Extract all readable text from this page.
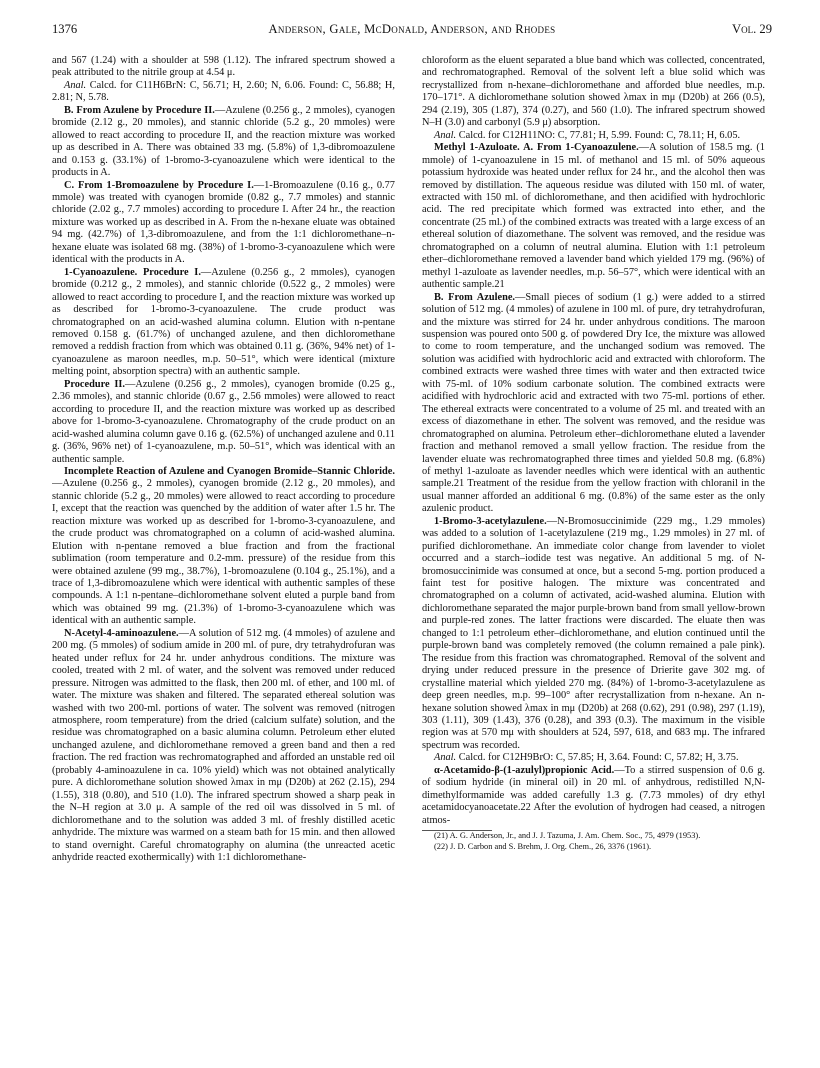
1376	Anderson, Gale, McDonald, Anderson, and Rhodes	Vol. 29

and 567 (1.24) with a shoulder at 598 (1.12). The infrared spectrum showed a peak attributed to the nitrile group at 4.54 μ.

Anal. Calcd. for C11H6BrN: C, 56.71; H, 2.60; N, 6.06. Found: C, 56.88; H, 2.81; N, 5.78.

B. From Azulene by Procedure II.—Azulene (0.256 g., 2 mmoles), cyanogen bromide (2.12 g., 20 mmoles), and stannic chloride (5.2 g., 20 mmoles) were allowed to react according to procedure II, and the reaction mixture was worked up as described in A. There was obtained 33 mg. (5.8%) of 1,3-dibromoazulene and 0.153 g. (33.1%) of 1-bromo-3-cyanoazulene which were identical to the products in A.

C. From 1-Bromoazulene by Procedure I.—1-Bromoazulene (0.16 g., 0.77 mmole) was treated with cyanogen bromide (0.82 g., 7.7 mmoles) and stannic chloride (2.02 g., 7.7 mmoles) according to procedure I. After 24 hr., the reaction mixture was worked up as described in A. From the n-hexane eluate was obtained 94 mg. (42.7%) of 1,3-dibromoazulene, and from the 1:1 dichloromethane–n-hexane eluate was isolated 68 mg. (38%) of 1-bromo-3-cyanoazulene which were identical with the products in A.

1-Cyanoazulene. Procedure I.—Azulene (0.256 g., 2 mmoles), cyanogen bromide (0.212 g., 2 mmoles), and stannic chloride (0.522 g., 2 mmoles) were allowed to react according to procedure I, and the reaction mixture was worked up as described for 1-bromo-3-cyanoazulene. The crude product was chromatographed on an acid-washed alumina column. Elution with n-pentane removed 0.158 g. (61.7%) of unchanged azulene, and then dichloromethane removed a reddish fraction from which was obtained 0.11 g. (36%, 94% net) of 1-cyanoazulene as maroon needles, m.p. 50–51°, which were identical (mixture melting point, absorption spectra) with an authentic sample.

Procedure II.—Azulene (0.256 g., 2 mmoles), cyanogen bromide (0.25 g., 2.36 mmoles), and stannic chloride (0.67 g., 2.56 mmoles) were allowed to react according to procedure II, and the reaction mixture was worked up as described above for 1-bromo-3-cyanoazulene. Chromatography of the crude product on an acid-washed alumina column gave 0.16 g. (62.5%) of unchanged azulene and 0.11 g. (36%, 96% net) of 1-cyanoazulene, m.p. 50–51°, which was identical with an authentic sample.

Incomplete Reaction of Azulene and Cyanogen Bromide–Stannic Chloride.—Azulene (0.256 g., 2 mmoles), cyanogen bromide (2.12 g., 20 mmoles), and stannic chloride (5.2 g., 20 mmoles) were allowed to react according to procedure I, except that the reaction was quenched by the addition of water after 1.5 hr. The reaction mixture was worked up as described for 1-bromo-3-cyanoazulene, and the crude product was chromatographed on a column of acid-washed alumina. Elution with n-pentane removed a blue fraction and from the fractional sublimation (room temperature and 0.2-mm. pressure) of the residue from this were obtained azulene (99 mg., 38.7%), 1-bromoazulene (0.104 g., 25.1%), and a trace of 1,3-dibromoazulene which were identical with authentic samples of these compounds. A 1:1 n-pentane–dichloromethane solvent eluted a purple band from which was obtained 99 mg. (21.3%) of 1-bromo-3-cyanoazulene which was identical with an authentic sample.

N-Acetyl-4-aminoazulene.—A solution of 512 mg. (4 mmoles) of azulene and 200 mg. (5 mmoles) of sodium amide in 200 ml. of pure, dry tetrahydrofuran was heated under reflux for 24 hr. under anhydrous conditions. The mixture was cooled, treated with 2 ml. of water, and the solvent was removed under reduced pressure. Nitrogen was admitted to the flask, then 200 ml. of ether, and 100 ml. of water. The mixture was shaken and filtered. The separated ethereal solution was washed with two 200-ml. portions of water. The solvent was removed (nitrogen atmosphere, room temperature) from the dried (calcium sulfate) solution, and the residue was chromatographed on a basic alumina column. Petroleum ether eluted unchanged azulene, and dichloromethane removed a green band and then a red fraction. The red fraction was rechromatographed and afforded an unstable red oil (probably 4-aminoazulene in ca. 10% yield) which was not obtained analytically pure. A dichloromethane solution showed λmax in mμ (D20b) at 262 (2.15), 294 (1.55), 318 (0.80), and 510 (1.0). The infrared spectrum showed a sharp peak in the N–H region at 3.0 μ. A sample of the red oil was dissolved in 5 ml. of dichloromethane and to the solution was added 3 ml. of freshly distilled acetic anhydride. The mixture was warmed on a steam bath for 15 min. and then allowed to stand overnight. Careful chromatography on alumina (the unreacted acetic anhydride reacted exothermically) with 1:1 dichloromethane-

chloroform as the eluent separated a blue band which was collected, concentrated, and rechromatographed. Removal of the solvent left a blue solid which was recrystallized from n-hexane–dichloromethane and afforded blue needles, m.p. 170–171°. A dichloromethane solution showed λmax in mμ (D20b) at 266 (0.5), 294 (2.19), 305 (1.87), 374 (0.27), and 560 (1.0). The infrared spectrum showed N–H (3.0) and carbonyl (5.9 μ) absorption.

Anal. Calcd. for C12H11NO: C, 77.81; H, 5.99. Found: C, 78.11; H, 6.05.

Methyl 1-Azuloate. A. From 1-Cyanoazulene.—A solution of 158.5 mg. (1 mmole) of 1-cyanoazulene in 15 ml. of methanol and 15 ml. of 50% aqueous potassium hydroxide was heated under reflux for 24 hr., and the alcohol then was removed by distillation. The aqueous residue was diluted with 150 ml. of water, extracted with 150 ml. of dichloromethane, and then acidified with hydrochloric acid. The red precipitate which formed was extracted into ether, and the concentrate (25 ml.) of the combined extracts was treated with a large excess of an ethereal solution of diazomethane. The solvent was removed, and the residue was chromatographed on a column of neutral alumina. Elution with 1:1 petroleum ether–dichloromethane removed a lavender band which yielded 179 mg. (96%) of methyl 1-azuloate as lavender needles, m.p. 56–57°, which were identical with an authentic sample.21

B. From Azulene.—Small pieces of sodium (1 g.) were added to a stirred solution of 512 mg. (4 mmoles) of azulene in 100 ml. of pure, dry tetrahydrofuran, and the mixture was stirred for 24 hr. under anhydrous conditions. The maroon suspension was poured onto 500 g. of powdered Dry Ice, the mixture was allowed to come to room temperature, and the unchanged sodium was removed. The solution was acidified with hydrochloric acid and extracted with chloroform. The combined extracts were washed three times with water and then extracted twice with 75-ml. of 10% sodium carbonate solution. The combined extracts were acidified with hydrochloric acid and extracted with two 75-ml. portions of ether. The ethereal extracts were concentrated to a volume of 25 ml. and treated with an excess of diazomethane in ether. The solvent was removed, and the residue was chromatographed on alumina. Petroleum ether–dichloromethane eluted a lavender fraction and methanol removed a small yellow fraction. The residue from the lavender eluate was rechromatographed three times and yielded 50.8 mg. (6.8%) of methyl 1-azuloate as lavender needles which were identical with an authentic sample.21 Treatment of the residue from the yellow fraction with chloranil in the usual manner afforded an additional 6 mg. (0.8%) of the same ester as the only azulenic product.

1-Bromo-3-acetylazulene.—N-Bromosuccinimide (229 mg., 1.29 mmoles) was added to a solution of 1-acetylazulene (219 mg., 1.29 mmoles) in 27 ml. of purified dichloromethane. An immediate color change from lavender to violet occurred and a starch–iodide test was negative. An additional 5 mg. of N-bromosuccinimide was consumed at once, but a second 5-mg. portion produced a faint test for positive halogen. The mixture was concentrated and chromatographed on a column of activated, acid-washed alumina. Elution with dichloromethane separated the major purple-brown band from small yellow-brown and purple-red zones. The latter fractions were discarded. The eluate then was changed to 1:1 petroleum ether–dichloromethane, and elution continued until the purple-brown band was completely removed (the column remained a pale pink). The residue from this fraction was chromatographed. Removal of the solvent and drying under reduced pressure in the presence of Drierite gave 302 mg. of crystalline material which yielded 270 mg. (84%) of 1-bromo-3-acetylazulene as deep green needles, m.p. 99–100° after recrystallization from n-hexane. An n-hexane solution showed λmax in mμ (D20b) at 268 (0.62), 291 (0.98), 297 (1.19), 303 (1.11), 309 (1.43), 376 (0.28), and 393 (0.3). The maximum in the visible region was at 570 mμ with shoulders at 524, 597, 618, and 683 mμ. The infrared spectrum was recorded.

Anal. Calcd. for C12H9BrO: C, 57.85; H, 3.64. Found: C, 57.82; H, 3.75.

α-Acetamido-β-(1-azulyl)propionic Acid.—To a stirred suspension of 0.6 g. of sodium hydride (in mineral oil) in 20 ml. of anhydrous, redistilled N,N-dimethylformamide was added carefully 1.3 g. (7.73 mmoles) of dry ethyl acetamidocyanoacetate.22 After the evolution of hydrogen had ceased, a nitrogen atmos-

(21) A. G. Anderson, Jr., and J. J. Tazuma, J. Am. Chem. Soc., 75, 4979 (1953).

(22) J. D. Carbon and S. Brehm, J. Org. Chem., 26, 3376 (1961).
